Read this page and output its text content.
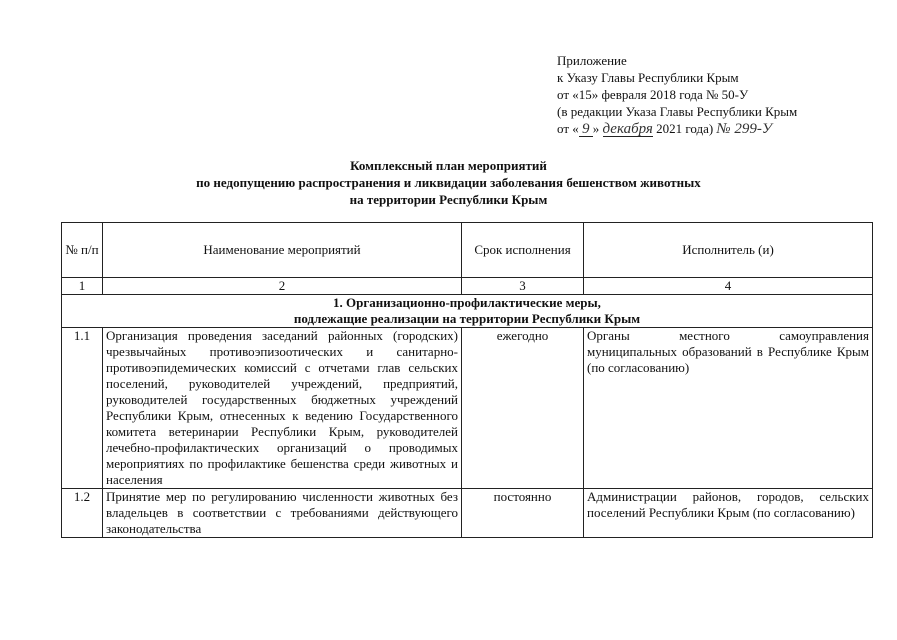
Приложение
к Указу Главы Республики Крым
от «15» февраля 2018 года № 50-У
(в редакции Указа Главы Республики Крым
от « 9 » декабря 2021 года) № 299-У
Комплексный план мероприятий
по недопущению распространения и ликвидации заболевания бешенством животных
на территории Республики Крым
№ п/п	Наименование мероприятий	Срок исполнения	Исполнитель (и)
1	2	3	4

1. Организационно-профилактические меры,
подлежащие реализации на территории Республики Крым			

1.1	Организация проведения заседаний районных (городских) чрезвычайных противоэпизоотических и санитарно-противоэпидемических комиссий с отчетами глав сельских поселений, руководителей учреждений, предприятий, руководителей государственных бюджетных учреждений Республики Крым, отнесенных к ведению Государственного комитета ветеринарии Республики Крым, руководителей лечебно-профилактических организаций о проводимых мероприятиях по профилактике бешенства среди животных и населения	ежегодно	Органы местного самоуправления муниципальных образований в Республике Крым (по согласованию)
1.2	Принятие мер по регулированию численности животных без владельцев в соответствии с требованиями действующего законодательства	постоянно	Администрации районов, городов, сельских поселений Республики Крым (по согласованию)
